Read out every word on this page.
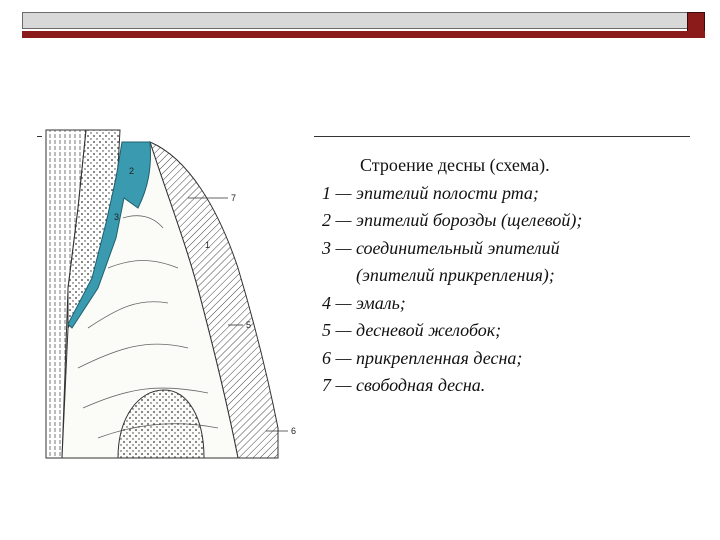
2
3
1
7
5
6
Строение десны (схема).
1 — эпителий полости рта;
2 — эпителий борозды (щелевой);
3 — соединительный эпителий
(эпителий прикрепления);
4 — эмаль;
5 — десневой желобок;
6 — прикрепленная десна;
7 — свободная десна.
